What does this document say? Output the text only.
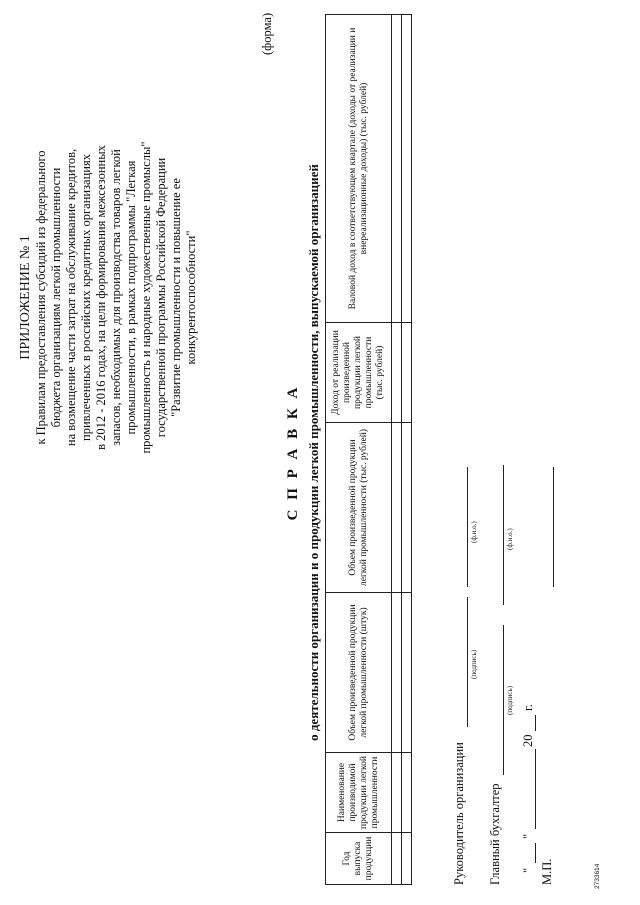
ПРИЛОЖЕНИЕ № 1 к Правилам предоставления субсидий из федерального бюджета организациям легкой промышленности на возмещение части затрат на обслуживание кредитов, привлеченных в российских кредитных организациях в 2012 - 2016 годах, на цели формирования межсезонных запасов, необходимых для производства товаров легкой промышленности, в рамках подпрограммы "Легкая промышленность и народные художественные промыслы" государственной программы Российской Федерации "Развитие промышленности и повышение ее конкурентоспособности"
(форма)
С П Р А В К А о деятельности организации и о продукции легкой промышленности, выпускаемой организацией
Год выпуска продукции	Наименование производимой продукции легкой промышленности	Объем произведенной продукции легкой промышленности (штук)	Объем произведенной продукции легкой промышленности (тыс. рублей)	Доход от реализации произведенной продукции легкой промышленности (тыс. рублей)	Валовой доход в соответствующем квартале (доходы от реализации и внереализационные доходы) (тыс. рублей)

Руководитель организации
(подпись)
(ф.и.о.)
Главный бухгалтер
(подпись)
(ф.и.о.)
"
"
20
г.
М.П.	2733614
